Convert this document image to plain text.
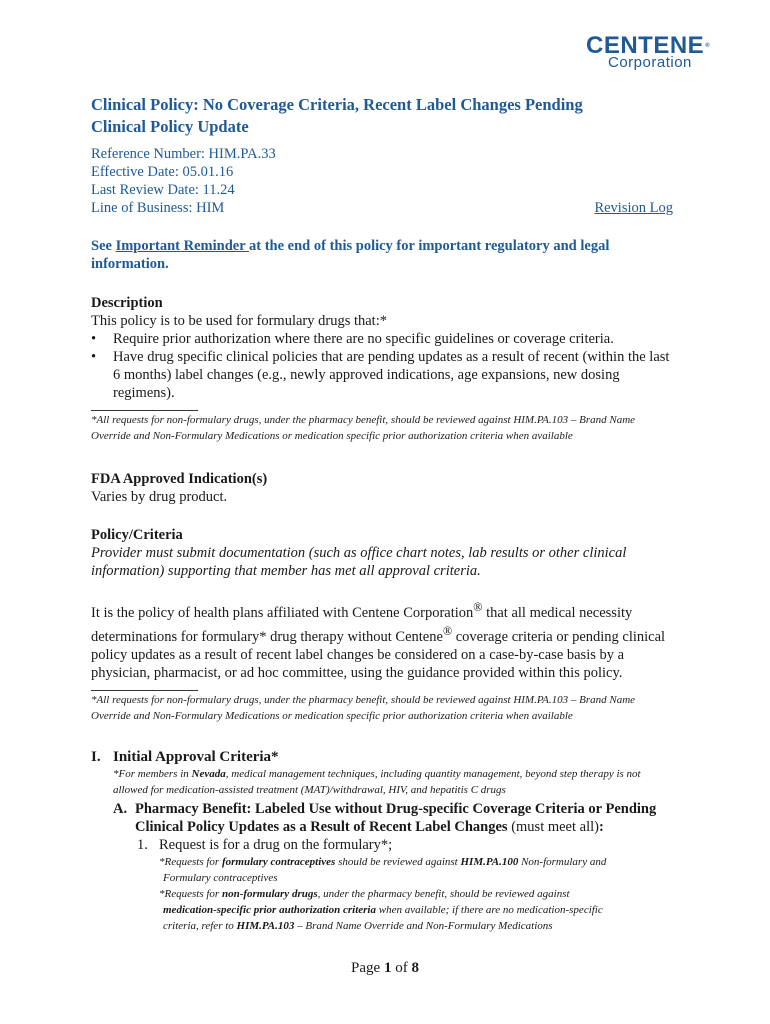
CENTENE®
Corporation
Clinical Policy: No Coverage Criteria, Recent Label Changes Pending
Clinical Policy Update
Reference Number: HIM.PA.33
Effective Date: 05.01.16
Last Review Date: 11.24
Line of Business: HIM	Revision Log
See Important Reminder at the end of this policy for important regulatory and legal information.
Description

This policy is to be used for formulary drugs that:*

• Require prior authorization where there are no specific guidelines or coverage criteria.
• Have drug specific clinical policies that are pending updates as a result of recent (within the last 6 months) label changes (e.g., newly approved indications, age expansions, new dosing regimens).
*All requests for non-formulary drugs, under the pharmacy benefit, should be reviewed against HIM.PA.103 – Brand Name Override and Non-Formulary Medications or medication specific prior authorization criteria when available
FDA Approved Indication(s)

Varies by drug product.

Policy/Criteria

Provider must submit documentation (such as office chart notes, lab results or other clinical information) supporting that member has met all approval criteria.

It is the policy of health plans affiliated with Centene Corporation® that all medical necessity determinations for formulary* drug therapy without Centene® coverage criteria or pending clinical policy updates as a result of recent label changes be considered on a case-by-case basis by a physician, pharmacist, or ad hoc committee, using the guidance provided within this policy.

*All requests for non-formulary drugs, under the pharmacy benefit, should be reviewed against HIM.PA.103 – Brand Name Override and Non-Formulary Medications or medication specific prior authorization criteria when available
I. Initial Approval Criteria*
*For members in Nevada, medical management techniques, including quantity management, beyond step therapy is not allowed for medication-assisted treatment (MAT)/withdrawal, HIV, and hepatitis C drugs
A. Pharmacy Benefit: Labeled Use without Drug-specific Coverage Criteria or Pending
Clinical Policy Updates as a Result of Recent Label Changes (must meet all):
1. Request is for a drug on the formulary*;
*Requests for formulary contraceptives should be reviewed against HIM.PA.100 Non-formulary and
Formulary contraceptives
*Requests for non-formulary drugs, under the pharmacy benefit, should be reviewed against
medication-specific prior authorization criteria when available; if there are no medication-specific
criteria, refer to HIM.PA.103 – Brand Name Override and Non-Formulary Medications
Page 1 of 8
